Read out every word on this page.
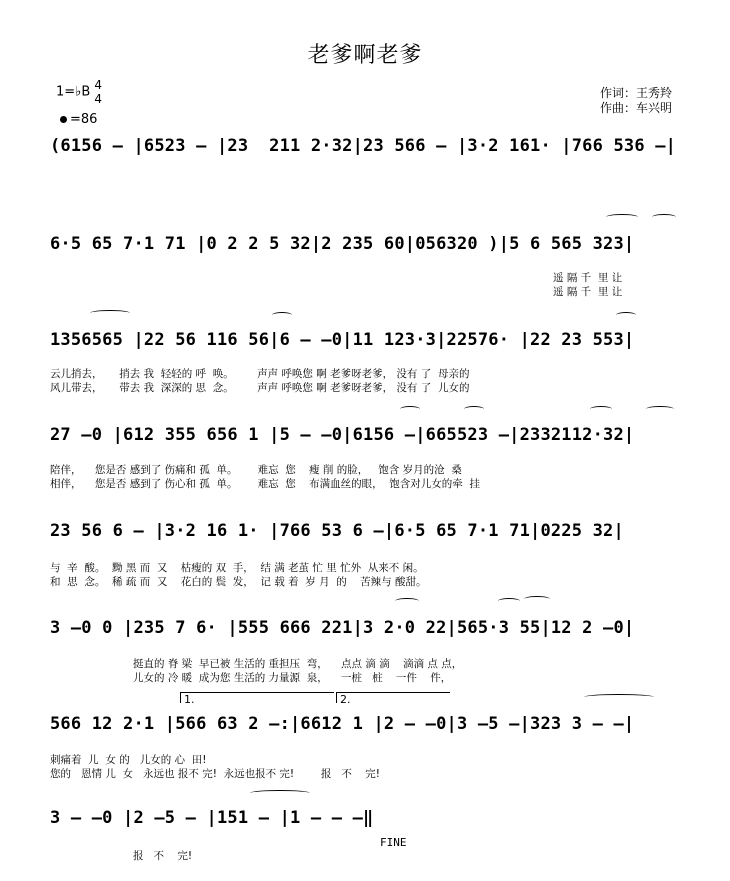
老爹啊老爹
1=♭B 4
4
=86
作词：王秀羚
作曲：车兴明
(6156 – |6523 – |23  211 2·32|23 566 – |3·2 161· |766 536 –|
6·5 65 7·1 71 |0 2 2 5 32|2 235 60|056320 )|5 6 565 323|
遥 隔 千  里 让
遥 隔 千  里 让
1356565 |22 56 116 56|6 – –0|11 123·3|22576· |22 23 553|
云儿捎去，     捎去 我  轻轻的 呼  唤。       声声 呼唤您 啊 老爹呀老爹， 没有 了  母亲的
风儿带去，     带去 我  深深的 思  念。       声声 呼唤您 啊 老爹呀老爹， 没有 了  儿女的
27 –0 |612 355 656 1 |5 – –0|6156 –|665523 –|2332112·32|
陪伴，    您是否 感到了 伤痛和 孤  单。      难忘  您    瘦 削 的脸，   饱含 岁月的沧  桑
相伴，    您是否 感到了 伤心和 孤  单。      难忘  您    布满血丝的眼，  饱含对儿女的牵  挂
23 56 6 – |3·2 16 1· |766 53 6 –|6·5 65 7·1 71|0225 32|
与  辛  酸。  黝 黑 而  又    枯瘦的 双  手，  结 满 老茧 忙 里 忙外  从来不 闲。
和  思  念。  稀 疏 而  又    花白的 鬓  发，  记 载 着  岁 月  的    苦辣与 酸甜。
3 –0 0 |235 7 6· |555 666 221|3 2·0 22|565·3 55|12 2 –0|
挺直的 脊 梁  早已被 生活的 重担压  弯，    点点 滴 滴    滴滴 点 点，
儿女的 冷 暖  成为您 生活的 力量源  泉，    一桩   桩    一件    件，
1.	2.
566 12 2·1 |566 63 2 –:|6612 1 |2 – –0|3 –5 –|323 3 – –|
刺痛着  儿  女 的   儿女的 心  田!
您的   恩情 儿  女   永远也 报不 完!  永远也报不 完!        报   不    完!
3 – –0 |2 –5 – |151 – |1 – – –‖
FINE
报   不    完!
